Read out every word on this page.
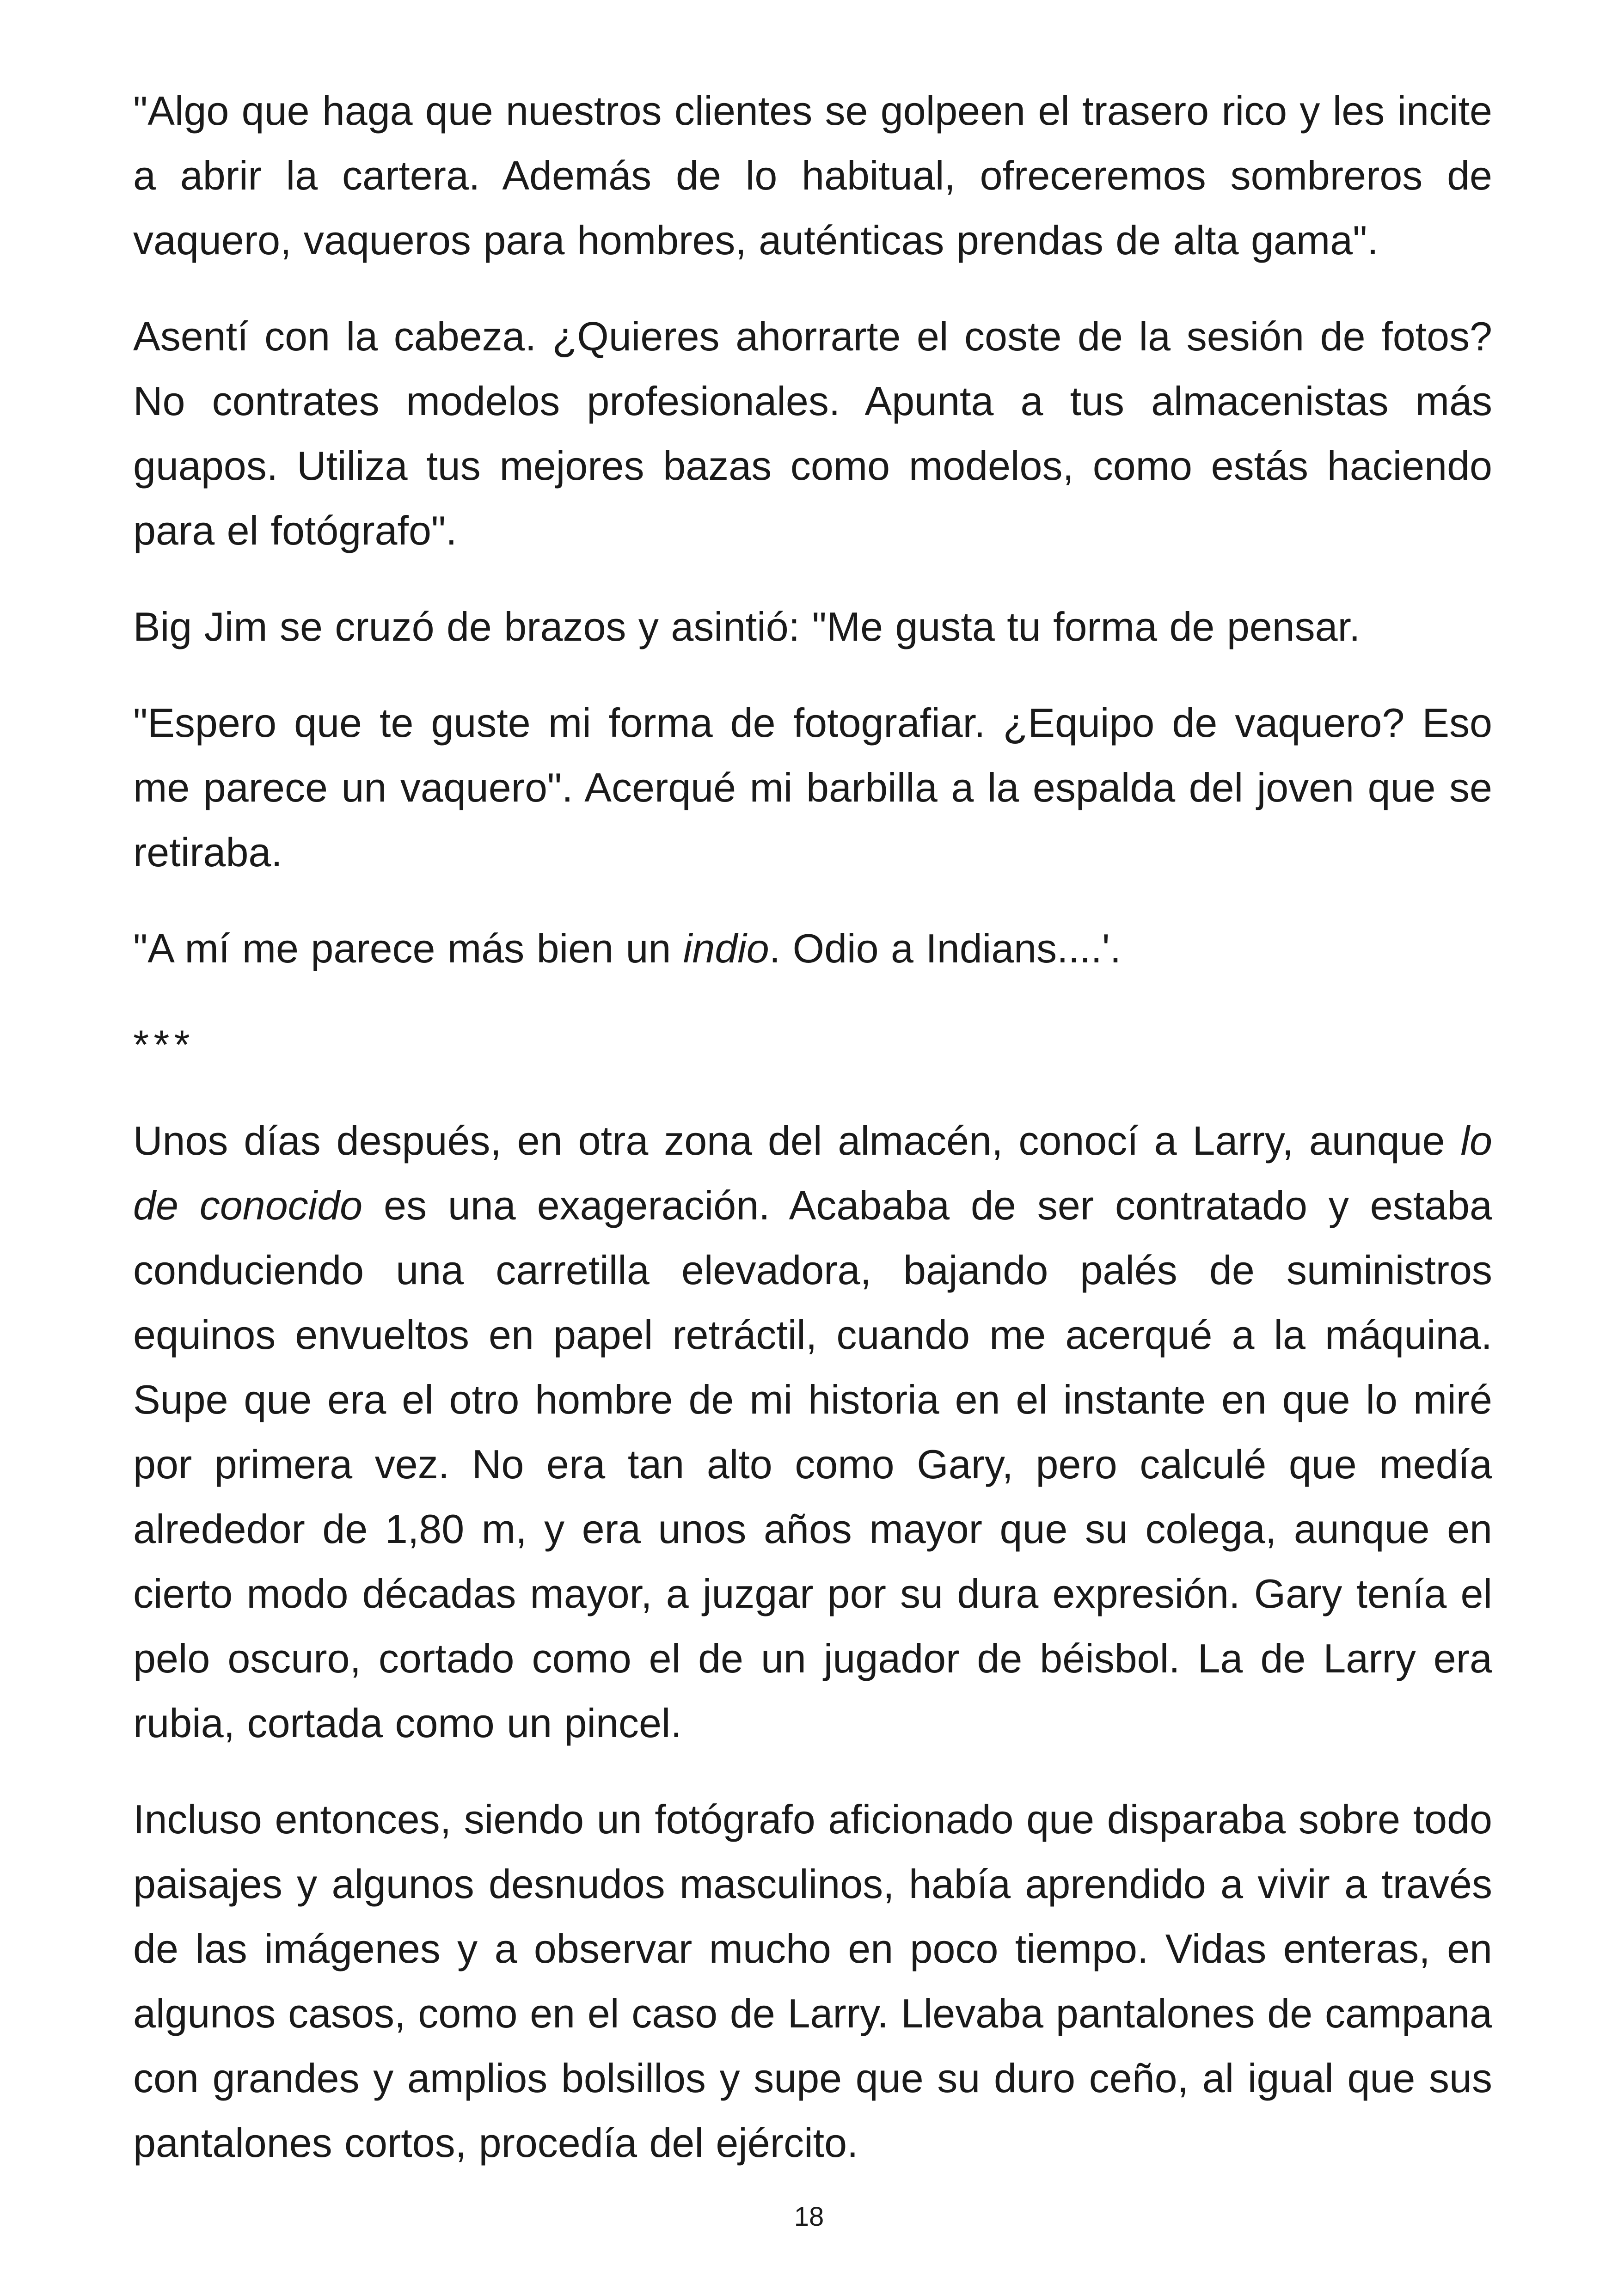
"Algo que haga que nuestros clientes se golpeen el trasero rico y les incite a abrir la cartera. Además de lo habitual, ofreceremos sombreros de vaquero, vaqueros para hombres, auténticas prendas de alta gama".

Asentí con la cabeza. ¿Quieres ahorrarte el coste de la sesión de fotos? No contrates modelos profesionales. Apunta a tus almacenistas más guapos. Utiliza tus mejores bazas como modelos, como estás haciendo para el fotógrafo".

Big Jim se cruzó de brazos y asintió: "Me gusta tu forma de pensar.

"Espero que te guste mi forma de fotografiar. ¿Equipo de vaquero? Eso me parece un vaquero". Acerqué mi barbilla a la espalda del joven que se retiraba.

"A mí me parece más bien un indio. Odio a Indians....'.

***

Unos días después, en otra zona del almacén, conocí a Larry, aunque lo de conocido es una exageración. Acababa de ser contratado y estaba conduciendo una carretilla elevadora, bajando palés de suministros equinos envueltos en papel retráctil, cuando me acerqué a la máquina. Supe que era el otro hombre de mi historia en el instante en que lo miré por primera vez. No era tan alto como Gary, pero calculé que medía alrededor de 1,80 m, y era unos años mayor que su colega, aunque en cierto modo décadas mayor, a juzgar por su dura expresión. Gary tenía el pelo oscuro, cortado como el de un jugador de béisbol. La de Larry era rubia, cortada como un pincel.

Incluso entonces, siendo un fotógrafo aficionado que disparaba sobre todo paisajes y algunos desnudos masculinos, había aprendido a vivir a través de las imágenes y a observar mucho en poco tiempo. Vidas enteras, en algunos casos, como en el caso de Larry. Llevaba pantalones de campana con grandes y amplios bolsillos y supe que su duro ceño, al igual que sus pantalones cortos, procedía del ejército.

18
